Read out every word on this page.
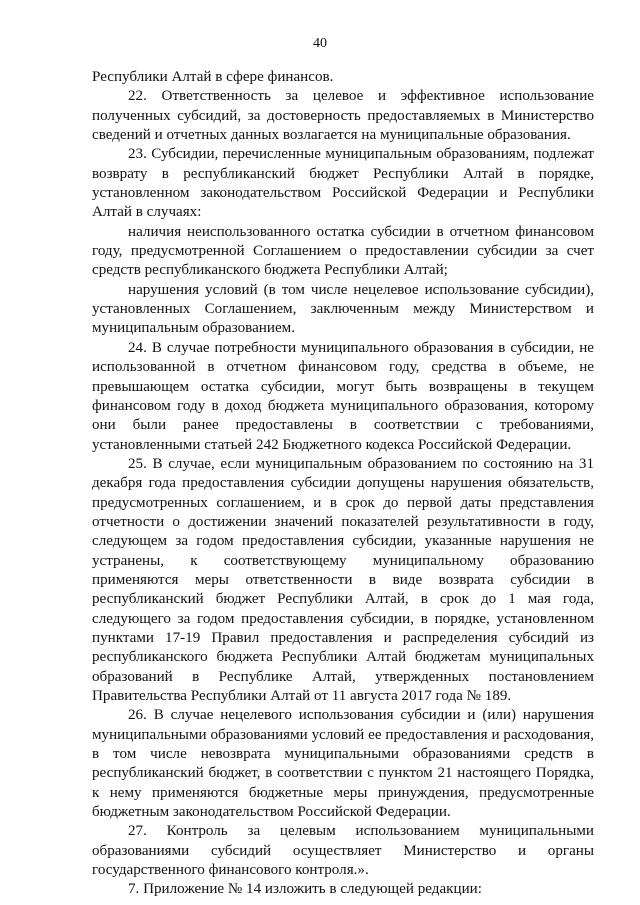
40

Республики Алтай в сфере финансов.

22. Ответственность за целевое и эффективное использование полученных субсидий, за достоверность предоставляемых в Министерство сведений и отчетных данных возлагается на муниципальные образования.

23. Субсидии, перечисленные муниципальным образованиям, подлежат возврату в республиканский бюджет Республики Алтай в порядке, установленном законодательством Российской Федерации и Республики Алтай в случаях:

наличия неиспользованного остатка субсидии в отчетном финансовом году, предусмотренной Соглашением о предоставлении субсидии за счет средств республиканского бюджета Республики Алтай;

нарушения условий (в том числе нецелевое использование субсидии), установленных Соглашением, заключенным между Министерством и муниципальным образованием.

24. В случае потребности муниципального образования в субсидии, не использованной в отчетном финансовом году, средства в объеме, не превышающем остатка субсидии, могут быть возвращены в текущем финансовом году в доход бюджета муниципального образования, которому они были ранее предоставлены в соответствии с требованиями, установленными статьей 242 Бюджетного кодекса Российской Федерации.

25. В случае, если муниципальным образованием по состоянию на 31 декабря года предоставления субсидии допущены нарушения обязательств, предусмотренных соглашением, и в срок до первой даты представления отчетности о достижении значений показателей результативности в году, следующем за годом предоставления субсидии, указанные нарушения не устранены, к соответствующему муниципальному образованию применяются меры ответственности в виде возврата субсидии в республиканский бюджет Республики Алтай, в срок до 1 мая года, следующего за годом предоставления субсидии, в порядке, установленном пунктами 17-19 Правил предоставления и распределения субсидий из республиканского бюджета Республики Алтай бюджетам муниципальных образований в Республике Алтай, утвержденных постановлением Правительства Республики Алтай от 11 августа 2017 года № 189.

26. В случае нецелевого использования субсидии и (или) нарушения муниципальными образованиями условий ее предоставления и расходования, в том числе невозврата муниципальными образованиями средств в республиканский бюджет, в соответствии с пунктом 21 настоящего Порядка, к нему применяются бюджетные меры принуждения, предусмотренные бюджетным законодательством Российской Федерации.

27. Контроль за целевым использованием муниципальными образованиями субсидий осуществляет Министерство и органы государственного финансового контроля.».

7. Приложение № 14 изложить в следующей редакции:
